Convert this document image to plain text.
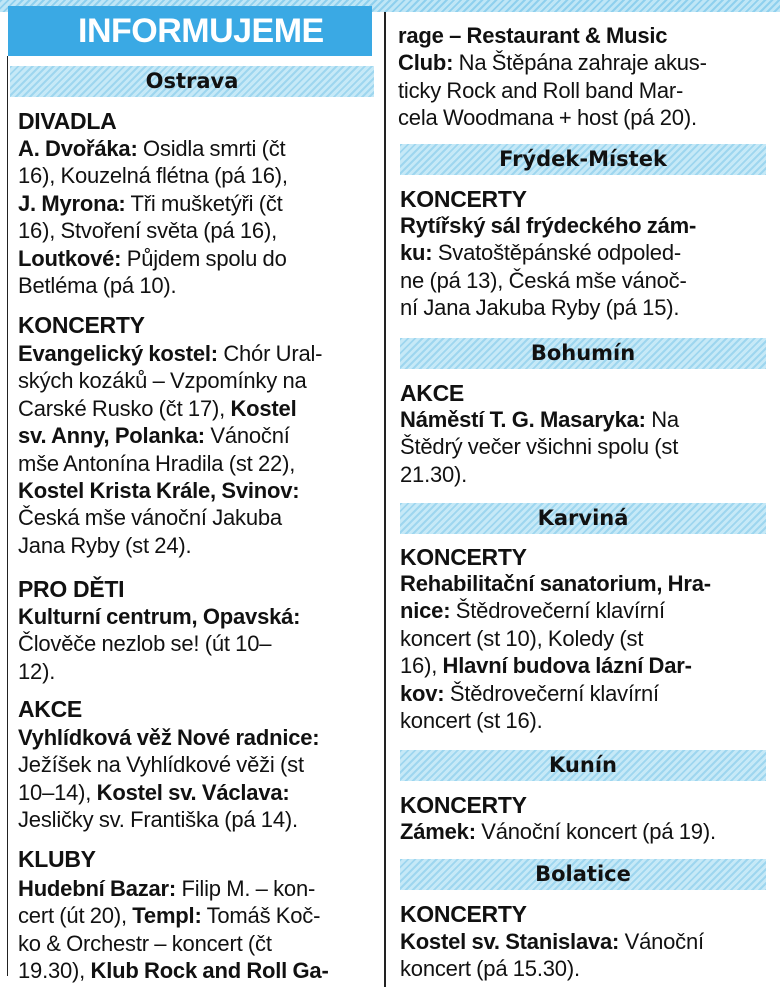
INFORMUJEME
Ostrava
DIVADLA
A. Dvořáka: Osidla smrti (čt
16), Kouzelná flétna (pá 16),
J. Myrona: Tři mušketýři (čt
16), Stvoření světa (pá 16),
Loutkové: Půjdem spolu do
Betléma (pá 10).
KONCERTY
Evangelický kostel: Chór Ural-
ských kozáků – Vzpomínky na
Carské Rusko (čt 17), Kostel
sv. Anny, Polanka: Vánoční
mše Antonína Hradila (st 22),
Kostel Krista Krále, Svinov:
Česká mše vánoční Jakuba
Jana Ryby (st 24).
PRO DĚTI
Kulturní centrum, Opavská:
Člověče nezlob se! (út 10–
12).
AKCE
Vyhlídková věž Nové radnice:
Ježíšek na Vyhlídkové věži (st
10–14), Kostel sv. Václava:
Jesličky sv. Františka (pá 14).
KLUBY
Hudební Bazar: Filip M. – kon-
cert (út 20), Templ: Tomáš Koč-
ko & Orchestr – koncert (čt
19.30), Klub Rock and Roll Ga-
rage – Restaurant & Music
Club: Na Štěpána zahraje akus-
ticky Rock and Roll band Mar-
cela Woodmana + host (pá 20).
Frýdek-Místek
KONCERTY
Rytířský sál frýdeckého zám-
ku: Svatoštěpánské odpoled-
ne (pá 13), Česká mše vánoč-
ní Jana Jakuba Ryby (pá 15).
Bohumín
AKCE
Náměstí T. G. Masaryka: Na
Štědrý večer všichni spolu (st
21.30).
Karviná
KONCERTY
Rehabilitační sanatorium, Hra-
nice: Štědrovečerní klavírní
koncert (st 10), Koledy (st
16), Hlavní budova lázní Dar-
kov: Štědrovečerní klavírní
koncert (st 16).
Kunín
KONCERTY
Zámek: Vánoční koncert (pá 19).
Bolatice
KONCERTY
Kostel sv. Stanislava: Vánoční
koncert (pá 15.30).
